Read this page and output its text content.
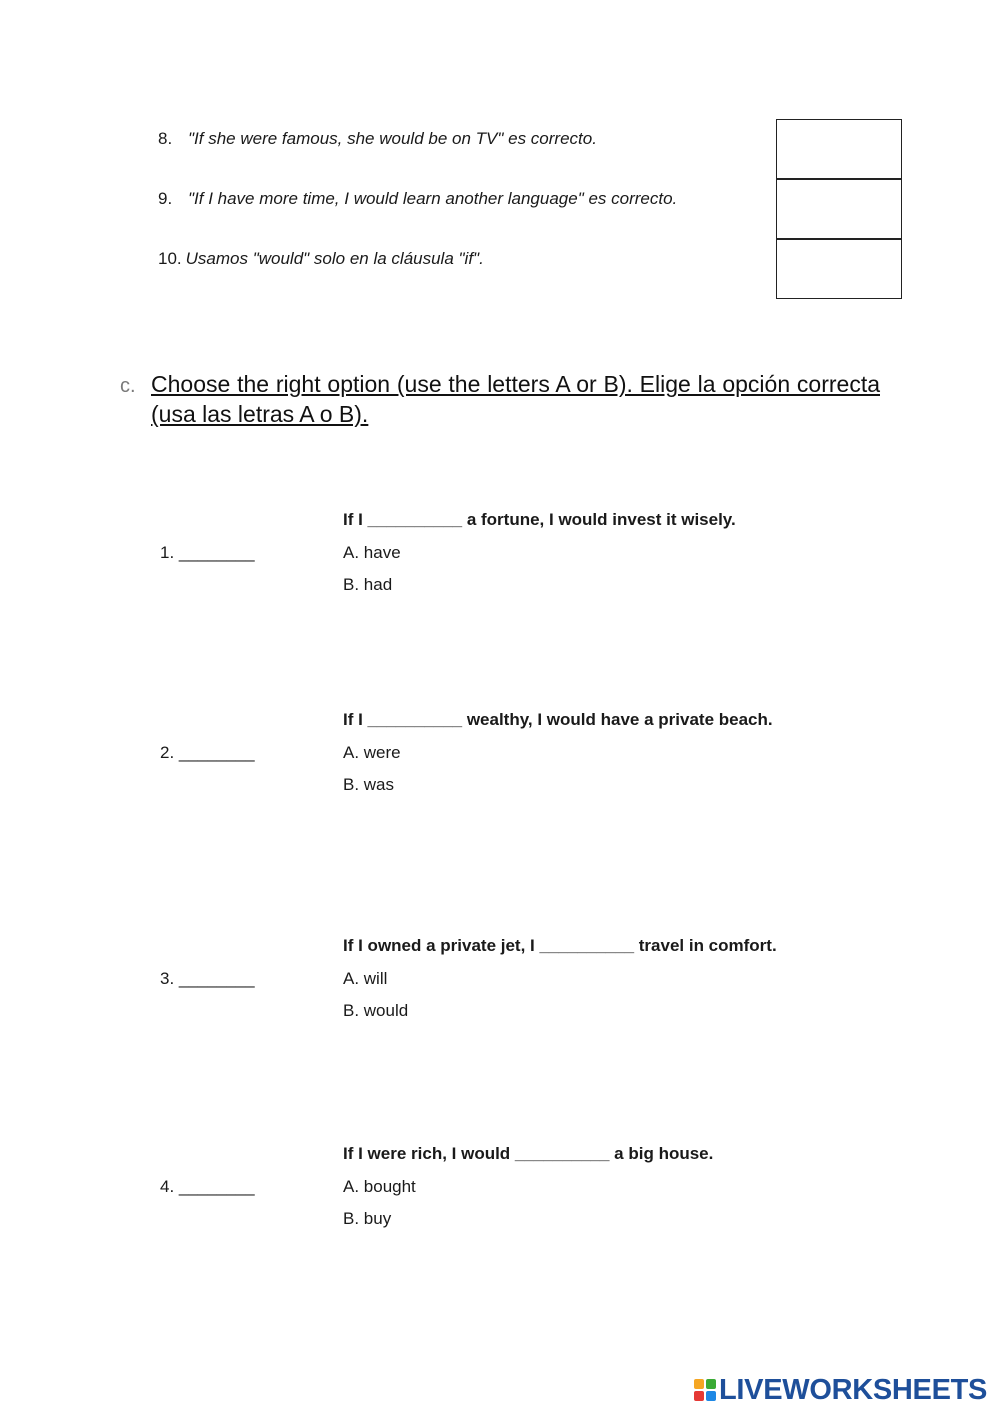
8. "If she were famous, she would be on TV" es correcto.
9. "If I have more time, I would learn another language" es correcto.
10. Usamos "would" solo en la cláusula "if".
c. Choose the right option (use the letters A or B). Elige la opción correcta (usa las letras A o B).
1. ________
If I __________ a fortune, I would invest it wisely.
A. have
B. had
2. ________
If I __________ wealthy, I would have a private beach.
A. were
B. was
3. ________
If I owned a private jet, I __________ travel in comfort.
A. will
B. would
4. ________
If I were rich, I would __________ a big house.
A. bought
B. buy
LIVEWORKSHEETS
